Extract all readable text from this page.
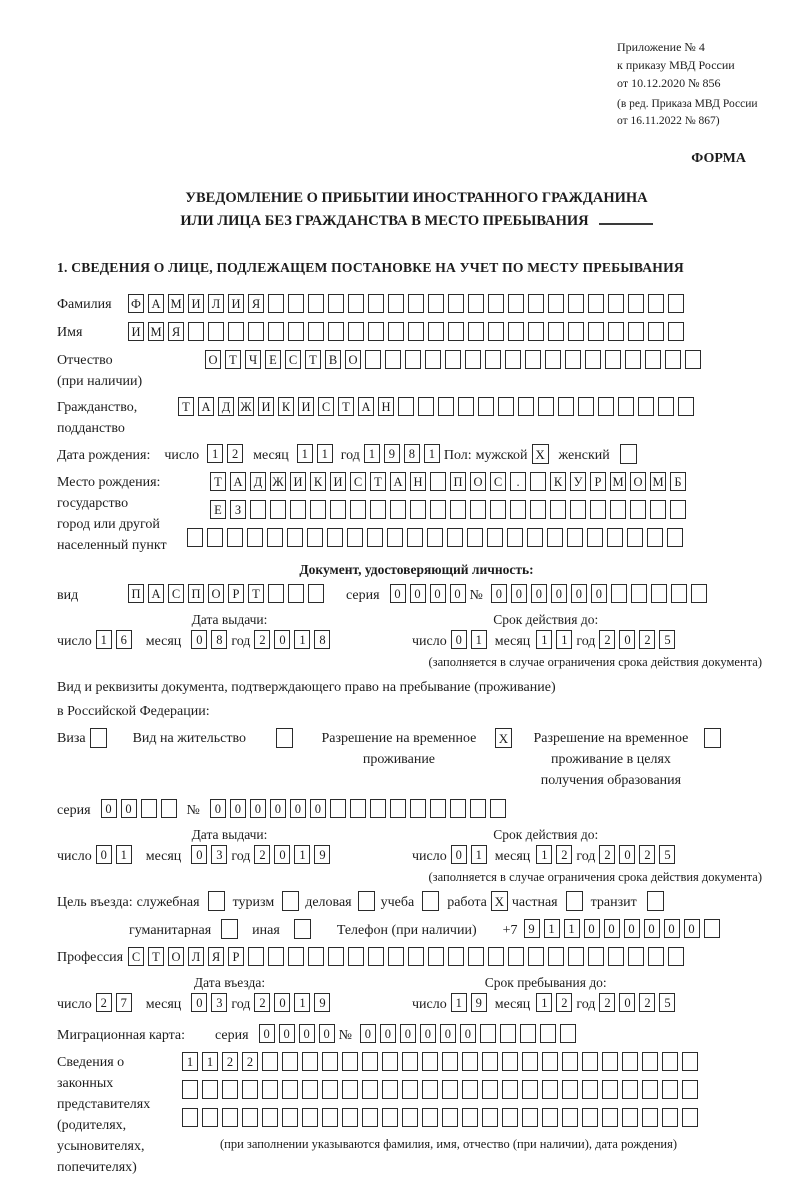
Приложение № 4
к приказу МВД России
от 10.12.2020 № 856
(в ред. Приказа МВД России
от 16.11.2022 № 867)
ФОРМА
УВЕДОМЛЕНИЕ О ПРИБЫТИИ ИНОСТРАННОГО ГРАЖДАНИНА
ИЛИ ЛИЦА БЕЗ ГРАЖДАНСТВА В МЕСТО ПРЕБЫВАНИЯ
1. СВЕДЕНИЯ О ЛИЦЕ, ПОДЛЕЖАЩЕМ ПОСТАНОВКЕ НА УЧЕТ ПО МЕСТУ ПРЕБЫВАНИЯ
Фамилия	Ф А М И Л И Я
Имя	И М Я
Отчество
(при наличии)
О Т Ч Е С Т В О
Гражданство,
подданство
Т А Д Ж И К И С Т А Н
Дата рождения: число	1 2	месяц	1 1 год 1 9 8 1 Пол: мужской X женский
Место рождения:
государство
город или другой
населенный пункт
Т А Д Ж И К И С Т А Н П О С .	К У Р М О М Б
Е З
Документ, удостоверяющий личность:
вид	П А С П О Р Т	серия	0 0 0 0 №	0 0 0 0 0 0
Дата выдачи:
число 1 6	месяц	0 8 год 2 0 1 8
Срок действия до:
число 0 1 месяц 1 1 год 2 0 2 5
(заполняется в случае ограничения срока действия документа)
Вид и реквизиты документа, подтверждающего право на пребывание (проживание)
в Российской Федерации:
Виза	Вид на жительство	Разрешение на временное проживание
X	Разрешение на временное проживание в целях получения образования
серия	0 0	№	0 0 0 0 0 0
Дата выдачи:
число 0 1	месяц	0 3 год 2 0 1 9
Срок действия до:
число 0 1 месяц 1 2 год 2 0 2 5
(заполняется в случае ограничения срока действия документа)
Цель въезда: служебная туризм деловая учеба работа X частная транзит
гуманитарная	иная	Телефон (при наличии) +7 9 1 1 0 0 0 0 0 0
Профессия С Т О Л Я Р
Дата въезда:
число 2 7	месяц	0 3 год 2 0 1 9
Срок пребывания до:
число 1 9 месяц 1 2 год 2 0 2 5
Миграционная карта: серия	0 0 0 0 №	0 0 0 0 0 0
Сведения о
законных
представителях
(родителях,
усыновителях,
попечителях)
1 1 2 2
(при заполнении указываются фамилия, имя, отчество (при наличии), дата рождения)
